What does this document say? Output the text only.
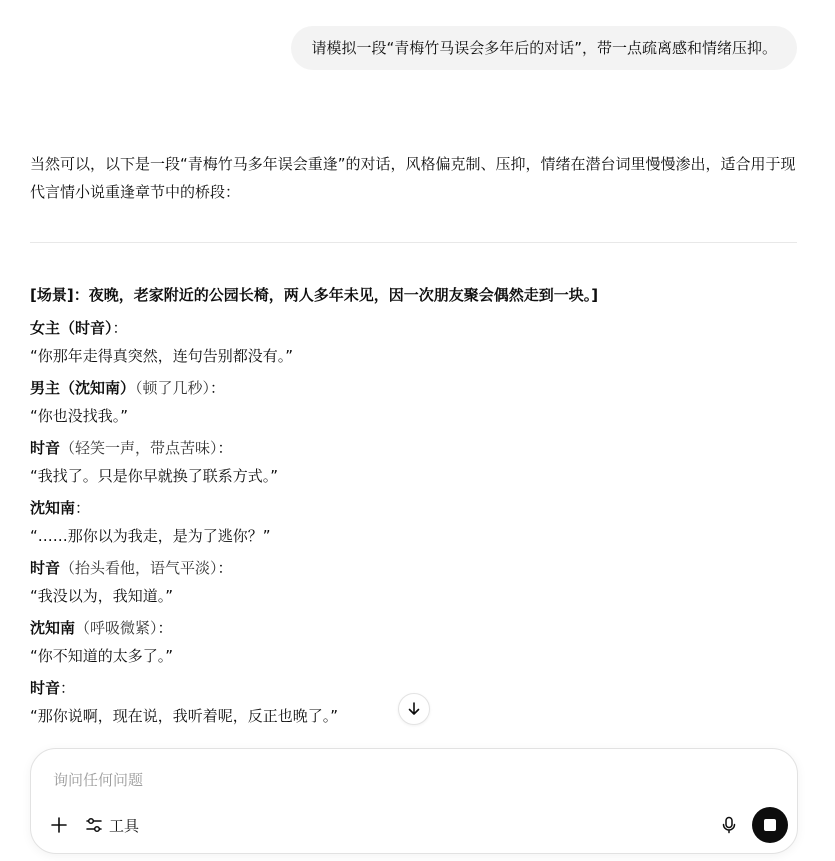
请模拟一段“青梅竹马误会多年后的对话”，带一点疏离感和情绪压抑。

当然可以，以下是一段“青梅竹马多年误会重逢”的对话，风格偏克制、压抑，情绪在潜台词里慢慢渗出，适合用于现代言情小说重逢章节中的桥段：

[场景]：夜晚，老家附近的公园长椅，两人多年未见，因一次朋友聚会偶然走到一块。]

女主（时音）：
“你那年走得真突然，连句告别都没有。”
男主（沈知南）（顿了几秒）：
“你也没找我。”
时音（轻笑一声，带点苦味）：
“我找了。只是你早就换了联系方式。”
沈知南：
“……那你以为我走，是为了逃你？”
时音（抬头看他，语气平淡）：
“我没以为，我知道。”
沈知南（呼吸微紧）：
“你不知道的太多了。”
时音：
“那你说啊，现在说，我听着呢，反正也晚了。”
询问任何问题
工具
